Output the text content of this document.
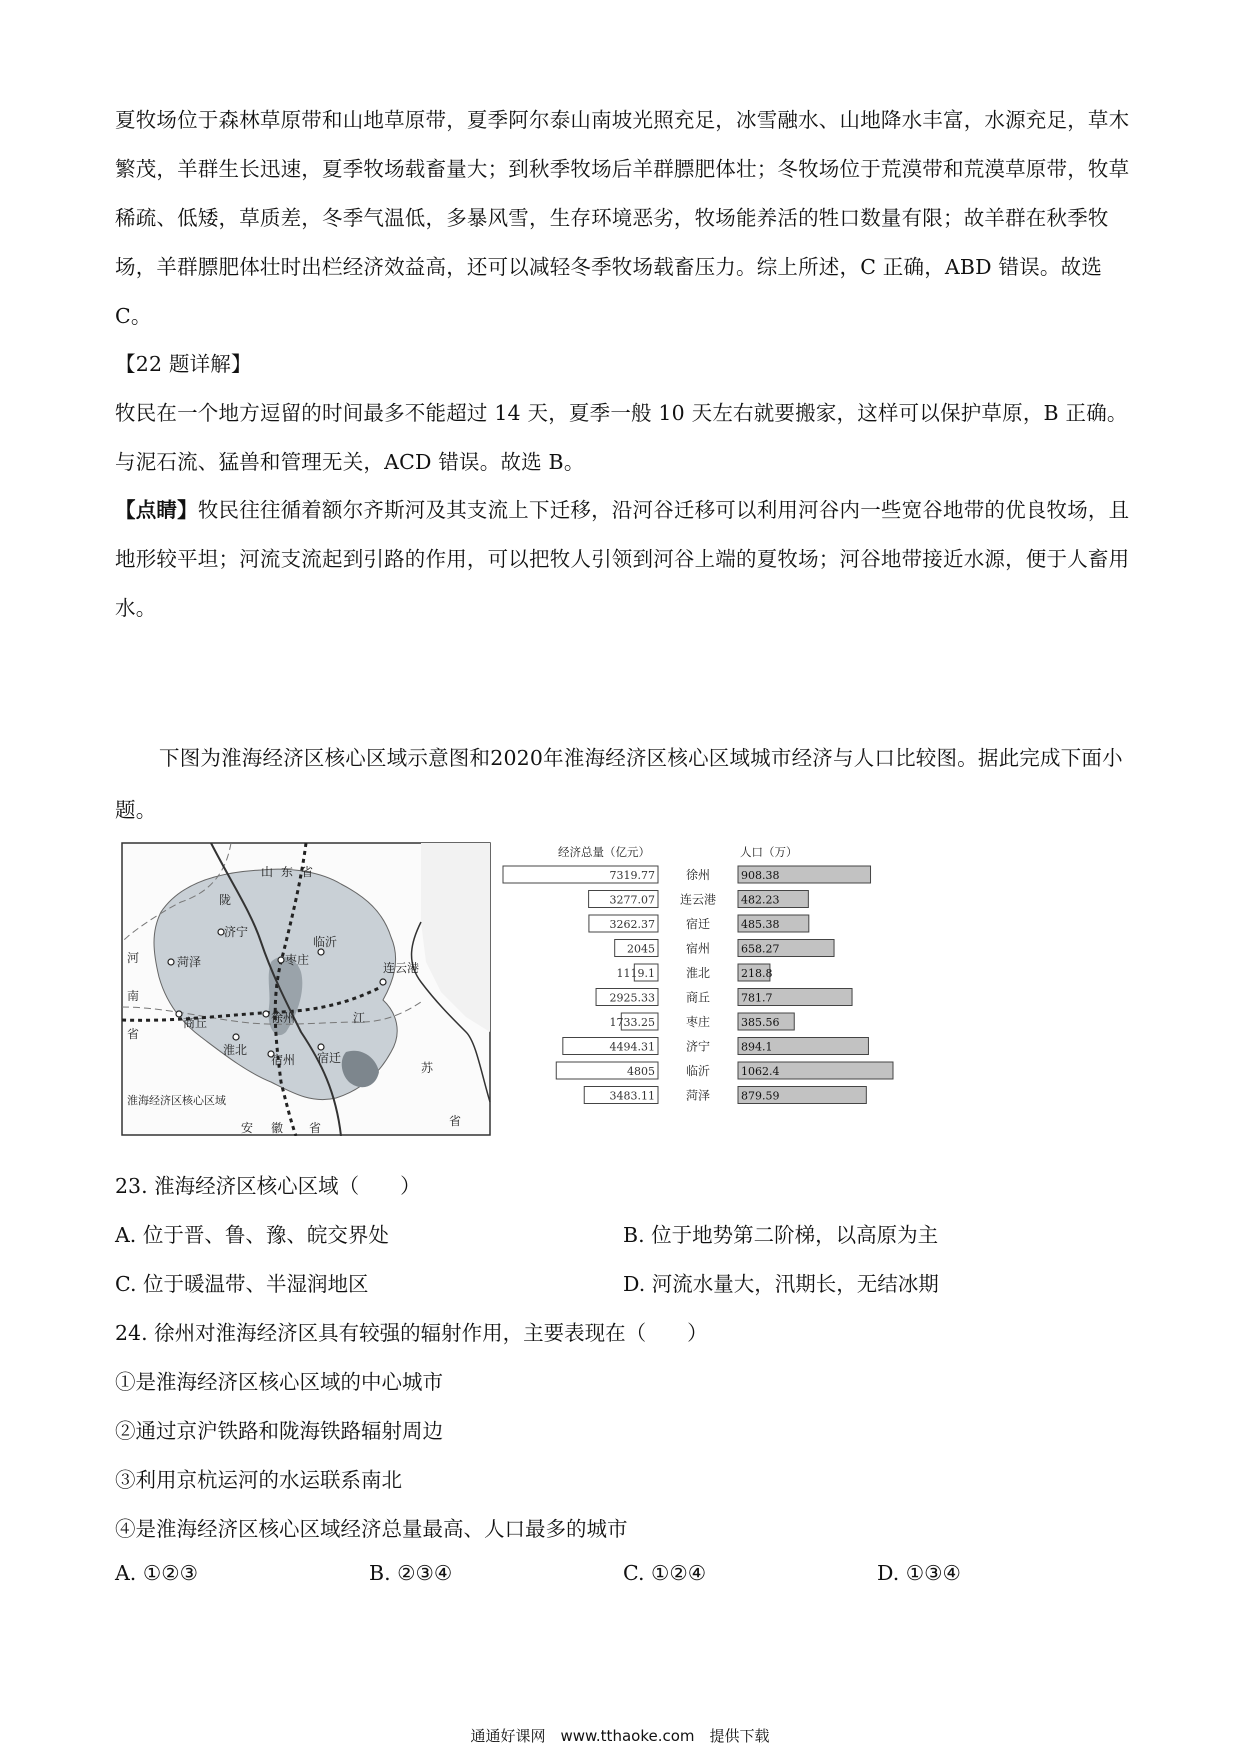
夏牧场位于森林草原带和山地草原带，夏季阿尔泰山南坡光照充足，冰雪融水、山地降水丰富，水源充足，草木繁茂，羊群生长迅速，夏季牧场载畜量大；到秋季牧场后羊群膘肥体壮；冬牧场位于荒漠带和荒漠草原带，牧草稀疏、低矮，草质差，冬季气温低，多暴风雪，生存环境恶劣，牧场能养活的牲口数量有限；故羊群在秋季牧场，羊群膘肥体壮时出栏经济效益高，还可以减轻冬季牧场载畜压力。综上所述，C 正确，ABD 错误。故选 C。

【22 题详解】

牧民在一个地方逗留的时间最多不能超过 14 天，夏季一般 10 天左右就要搬家，这样可以保护草原，B 正确。与泥石流、猛兽和管理无关，ACD 错误。故选 B。

【点睛】牧民往往循着额尔齐斯河及其支流上下迁移，沿河谷迁移可以利用河谷内一些宽谷地带的优良牧场，且地形较平坦；河流支流起到引路的作用，可以把牧人引领到河谷上端的夏牧场；河谷地带接近水源，便于人畜用水。

下图为淮海经济区核心区域示意图和2020年淮海经济区核心区域城市经济与人口比较图。据此完成下面小题。

山东省
河
南
省
苏
省
安 徽 省
菏泽
济宁
枣庄
临沂
连云港
商丘	徐州
淮北
宿州 宿迁
陇
江
淮海经济区核心区域
经济总量（亿元）	人口（万）
7319.77	徐州	908.38
3277.07 连云港 482.23
3262.37	宿迁	485.38
2045	宿州	658.27
1119.1	淮北	218.8
2925.33	商丘	781.7
1733.25	枣庄	385.56
4494.31	济宁	894.1
4805	临沂	1062.4
3483.11	菏泽	879.59

23. 淮海经济区核心区域（　　）

A. 位于晋、鲁、豫、皖交界处	B. 位于地势第二阶梯，以高原为主

C. 位于暖温带、半湿润地区	D. 河流水量大，汛期长，无结冰期

24. 徐州对淮海经济区具有较强的辐射作用，主要表现在（　　）

①是淮海经济区核心区域的中心城市

②通过京沪铁路和陇海铁路辐射周边

③利用京杭运河的水运联系南北

④是淮海经济区核心区域经济总量最高、人口最多的城市

A. ①②③	B. ②③④	C. ①②④	D. ①③④

通通好课网　www.tthaoke.com　提供下载
